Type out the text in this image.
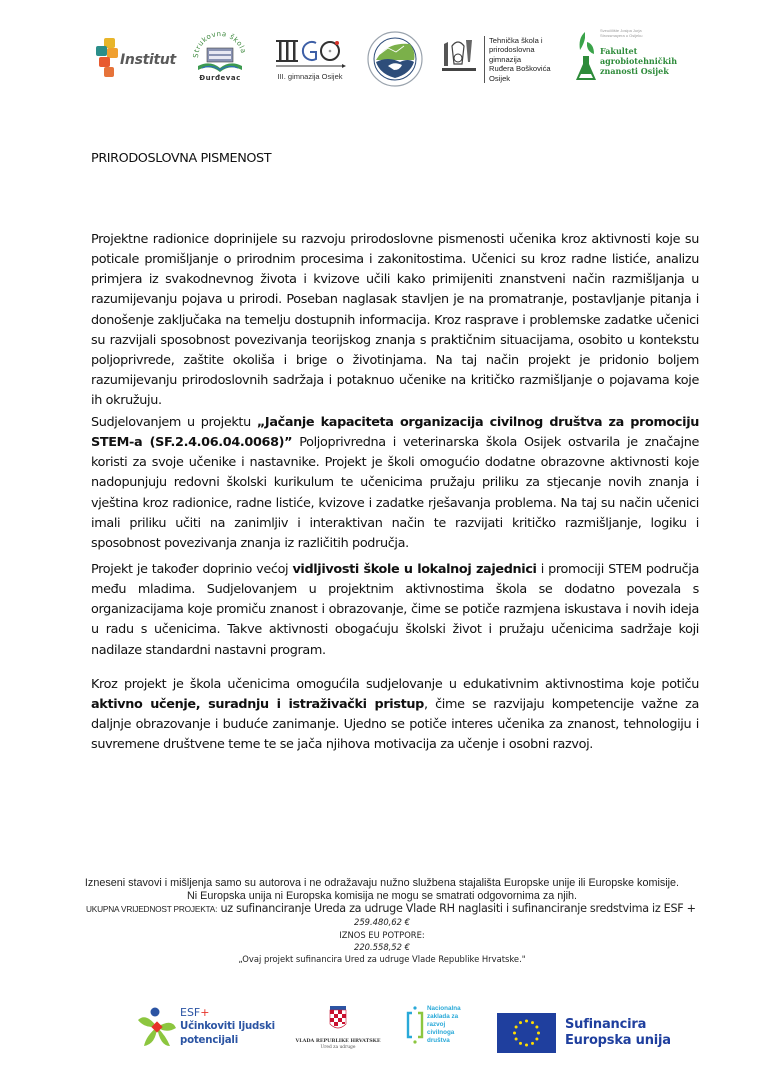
Institut Strukovna škola
Đurđevac	III. gimnazija Osijek
Tehnička škola i
prirodoslovna gimnazija
Ruđera Boškovića
Osijek
Sveučilište Josipa Jurja
Strossmayera u Osijeku
Fakultet
agrobiotehničkih
znanosti Osijek
PRIRODOSLOVNA PISMENOST

Projektne radionice doprinijele su razvoju prirodoslovne pismenosti učenika kroz aktivnosti koje su poticale promišljanje o prirodnim procesima i zakonitostima. Učenici su kroz radne listiće, analizu primjera iz svakodnevnog života i kvizove učili kako primijeniti znanstveni način razmišljanja u razumijevanju pojava u prirodi. Poseban naglasak stavljen je na promatranje, postavljanje pitanja i donošenje zaključaka na temelju dostupnih informacija. Kroz rasprave i problemske zadatke učenici su razvijali sposobnost povezivanja teorijskog znanja s praktičnim situacijama, osobito u kontekstu poljoprivrede, zaštite okoliša i brige o životinjama. Na taj način projekt je pridonio boljem razumijevanju prirodoslovnih sadržaja i potaknuo učenike na kritičko razmišljanje o pojavama koje ih okružuju.

Sudjelovanjem u projektu „Jačanje kapaciteta organizacija civilnog društva za promociju STEM-a (SF.2.4.06.04.0068)” Poljoprivredna i veterinarska škola Osijek ostvarila je značajne koristi za svoje učenike i nastavnike. Projekt je školi omogućio dodatne obrazovne aktivnosti koje nadopunjuju redovni školski kurikulum te učenicima pružaju priliku za stjecanje novih znanja i vještina kroz radionice, radne listiće, kvizove i zadatke rješavanja problema. Na taj su način učenici imali priliku učiti na zanimljiv i interaktivan način te razvijati kritičko razmišljanje, logiku i sposobnost povezivanja znanja iz različitih područja.

Projekt je također doprinio većoj vidljivosti škole u lokalnoj zajednici i promociji STEM područja među mladima. Sudjelovanjem u projektnim aktivnostima škola se dodatno povezala s organizacijama koje promiču znanost i obrazovanje, čime se potiče razmjena iskustava i novih ideja u radu s učenicima. Takve aktivnosti obogaćuju školski život i pružaju učenicima sadržaje koji nadilaze standardni nastavni program.

Kroz projekt je škola učenicima omogućila sudjelovanje u edukativnim aktivnostima koje potiču aktivno učenje, suradnju i istraživački pristup, čime se razvijaju kompetencije važne za daljnje obrazovanje i buduće zanimanje. Ujedno se potiče interes učenika za znanost, tehnologiju i suvremene društvene teme te se jača njihova motivacija za učenje i osobni razvoj.

Izneseni stavovi i mišljenja samo su autorova i ne odražavaju nužno službena stajališta Europske unije ili Europske komisije.
Ni Europska unija ni Europska komisija ne mogu se smatrati odgovornima za njih.
UKUPNA VRIJEDNOST PROJEKTA: uz sufinanciranje Ureda za udruge Vlade RH naglasiti i sufinanciranje sredstvima iz ESF +
259.480,62 €
IZNOS EU POTPORE:
220.558,52 €
„Ovaj projekt sufinancira Ured za udruge Vlade Republike Hrvatske."
ESF+
Učinkoviti ljudski
potencijali	VLADA REPUBLIKE HRVATSKE
Ured za udruge
Nacionalna
zaklada za
razvoj
civilnoga
društva
Sufinancira
Europska unija
